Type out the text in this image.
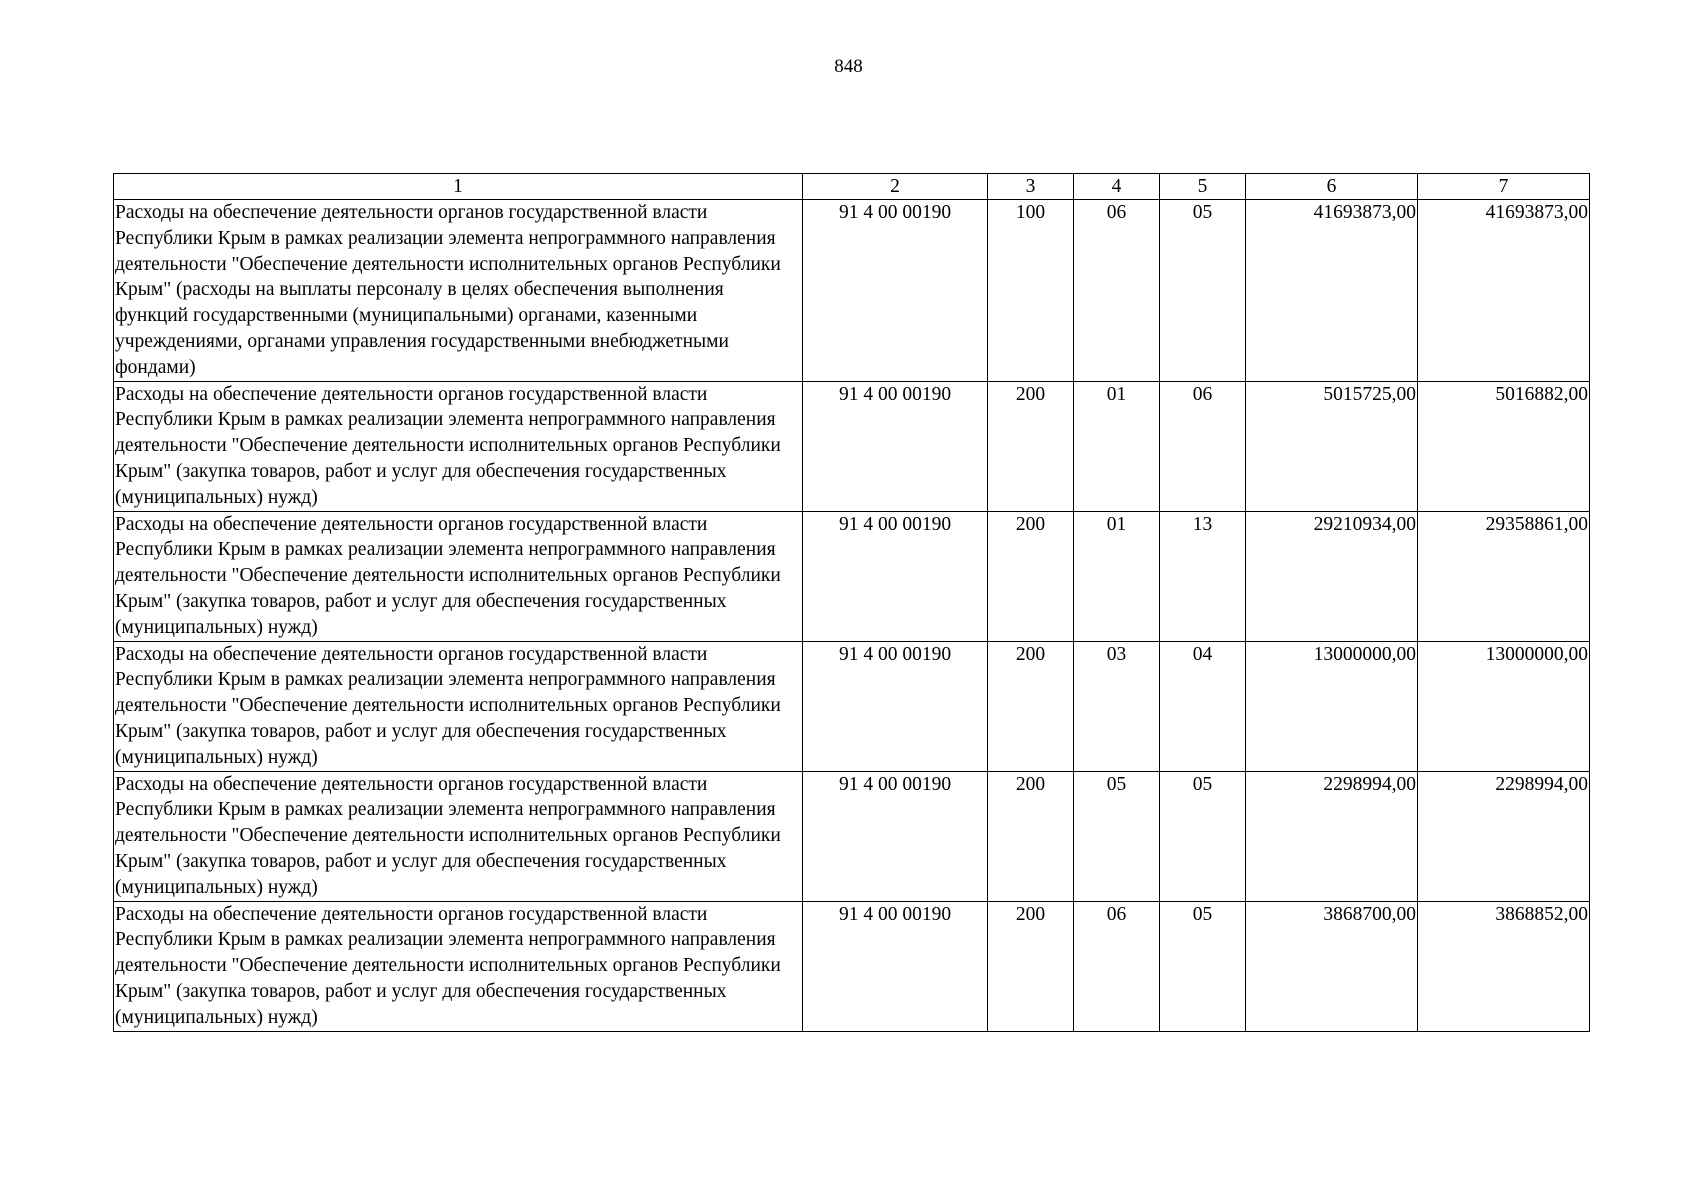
848
1	2	3	4	5	6	7
Расходы на обеспечение деятельности органов государственной власти Республики Крым в рамках реализации элемента непрограммного направления деятельности "Обеспечение деятельности исполнительных органов Республики Крым" (расходы на выплаты персоналу в целях обеспечения выполнения функций государственными (муниципальными) органами, казенными учреждениями, органами управления государственными внебюджетными фондами)	91 4 00 00190	100	06	05	41693873,00	41693873,00
Расходы на обеспечение деятельности органов государственной власти Республики Крым в рамках реализации элемента непрограммного направления деятельности "Обеспечение деятельности исполнительных органов Республики Крым" (закупка товаров, работ и услуг для обеспечения государственных (муниципальных) нужд)	91 4 00 00190	200	01	06	5015725,00	5016882,00
Расходы на обеспечение деятельности органов государственной власти Республики Крым в рамках реализации элемента непрограммного направления деятельности "Обеспечение деятельности исполнительных органов Республики Крым" (закупка товаров, работ и услуг для обеспечения государственных (муниципальных) нужд)	91 4 00 00190	200	01	13	29210934,00	29358861,00
Расходы на обеспечение деятельности органов государственной власти Республики Крым в рамках реализации элемента непрограммного направления деятельности "Обеспечение деятельности исполнительных органов Республики Крым" (закупка товаров, работ и услуг для обеспечения государственных (муниципальных) нужд)	91 4 00 00190	200	03	04	13000000,00	13000000,00
Расходы на обеспечение деятельности органов государственной власти Республики Крым в рамках реализации элемента непрограммного направления деятельности "Обеспечение деятельности исполнительных органов Республики Крым" (закупка товаров, работ и услуг для обеспечения государственных (муниципальных) нужд)	91 4 00 00190	200	05	05	2298994,00	2298994,00
Расходы на обеспечение деятельности органов государственной власти Республики Крым в рамках реализации элемента непрограммного направления деятельности "Обеспечение деятельности исполнительных органов Республики Крым" (закупка товаров, работ и услуг для обеспечения государственных (муниципальных) нужд)	91 4 00 00190	200	06	05	3868700,00	3868852,00
